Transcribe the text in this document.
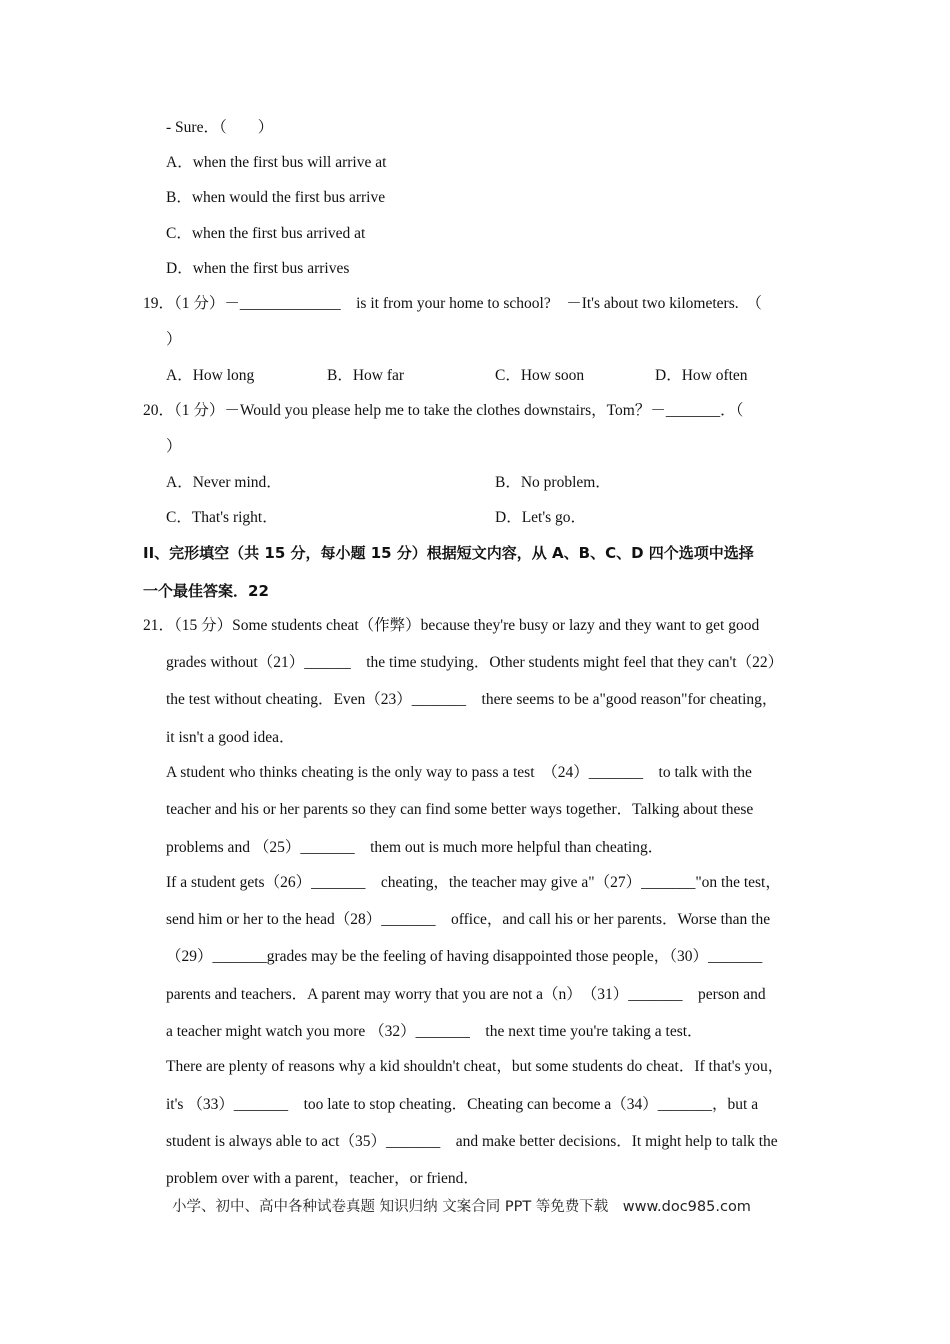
- Sure．（　　）
A．when the first bus will arrive at
B．when would the first bus arrive
C．when the first bus arrived at
D．when the first bus arrives
19．（1 分）－_____________　is it from your home to school?　－It's about two kilometers.　（
）
A．How long	B．How far	C．How soon	D．How often
20．（1 分）－Would you please help me to take the clothes downstairs，Tom？－_______．（
）
A．Never mind．	B．No problem．
C．That's right．	D．Let's go．
II、完形填空（共 15 分，每小题 15 分）根据短文内容，从 A、B、C、D 四个选项中选择
一个最佳答案．22
21．（15 分）Some students cheat（作弊）because they're busy or lazy and they want to get good
grades without（21）______　the time studying．Other students might feel that they can't（22）
the test without cheating．Even（23）_______　there seems to be a"good reason"for cheating，
it isn't a good idea．
A student who thinks cheating is the only way to pass a test　（24）_______　to talk with the
teacher and his or her parents so they can find some better ways together．Talking about these
problems and （25）_______　them out is much more helpful than cheating．
If a student gets（26）_______　cheating，the teacher may give a"（27）_______"on the test，
send him or her to the head（28）_______　office，and call his or her parents．Worse than the
（29）_______grades may be the feeling of having disappointed those people，（30）_______
parents and teachers．A parent may worry that you are not a（n）　（31）_______　person and
a teacher might watch you more （32）_______　the next time you're taking a test．
There are plenty of reasons why a kid shouldn't cheat，but some students do cheat．If that's you，
it's （33）_______　too late to stop cheating．Cheating can become a（34）_______，but a
student is always able to act（35）_______　and make better decisions．It might help to talk the
problem over with a parent，teacher，or friend．
小学、初中、高中各种试卷真题 知识归纳 文案合同 PPT 等免费下载　www.doc985.com
